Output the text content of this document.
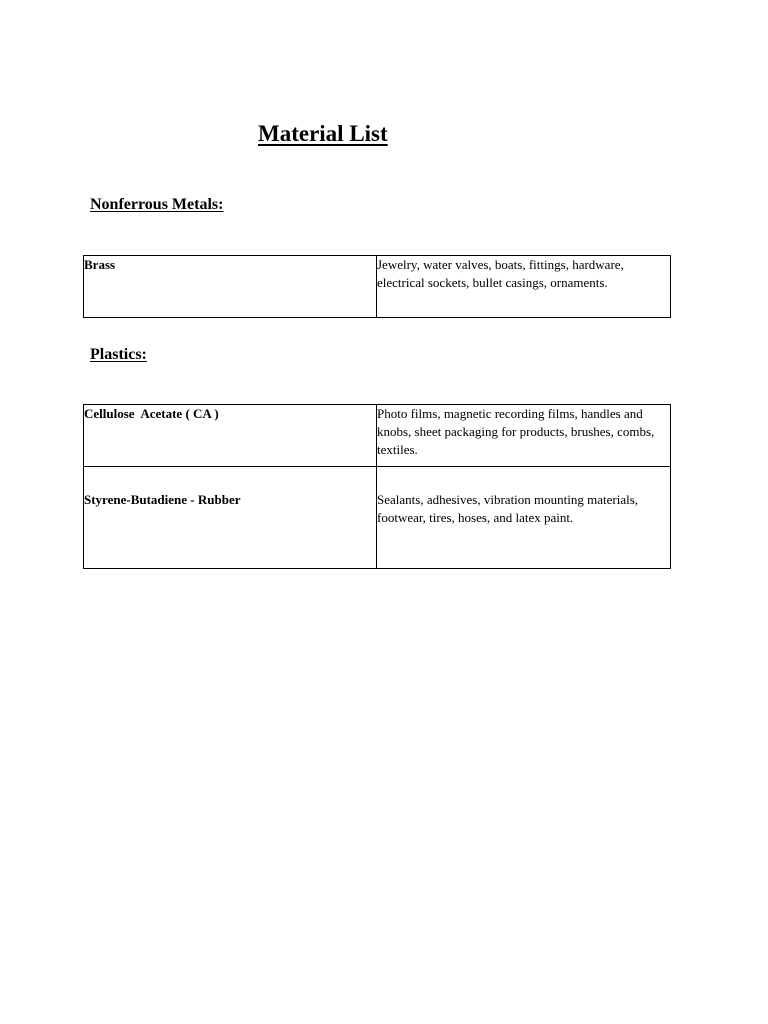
Material List
Nonferrous Metals:
Brass	Jewelry, water valves, boats, fittings, hardware, electrical sockets, bullet casings, ornaments.
Plastics:
Cellulose  Acetate ( CA )	Photo films, magnetic recording films, handles and knobs, sheet packaging for products, brushes, combs, textiles.
Styrene-Butadiene - Rubber	Sealants, adhesives, vibration mounting materials, footwear, tires, hoses, and latex paint.
